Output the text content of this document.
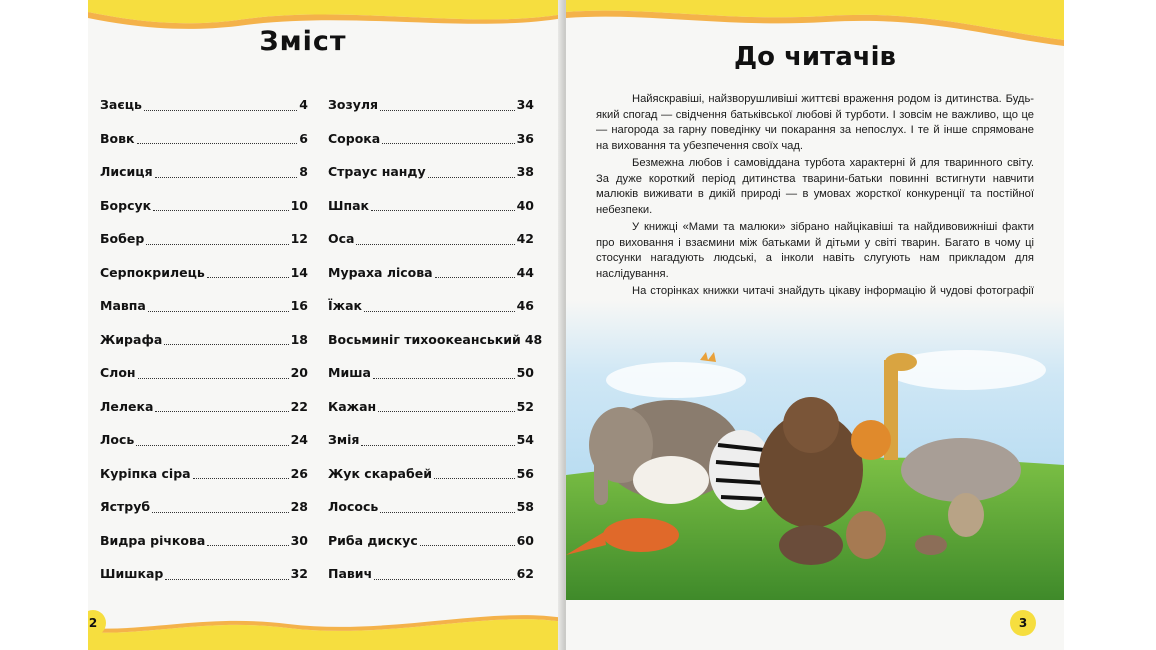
Зміст
Заєць	4
Вовк	6
Лисиця	8
Борсук	10
Бобер	12
Серпокрилець	14
Мавпа	16
Жирафа	18
Слон	20
Лелека	22
Лось	24
Куріпка сіра	26
Яструб	28
Видра річкова	30
Шишкар	32
Зозуля	34
Сорока	36
Страус нанду	38
Шпак	40
Оса	42
Мураха лісова	44
Їжак	46
Восьминіг тихоокеанський 48
Миша	50
Кажан	52
Змія	54
Жук скарабей	56
Лосось	58
Риба дискус	60
Павич	62
2
До читачів

Найяскравіші, найзворушливіші життєві враження родом із дитинства. Будь-який спогад — свідчення батьківської любові й турботи. І зовсім не важливо, що це — нагорода за гарну поведінку чи покарання за непослух. І те й інше спрямоване на виховання та убезпечення своїх чад.

Безмежна любов і самовіддана турбота характерні й для тваринного світу. За дуже короткий період дитинства тварини-батьки повинні встигнути навчити малюків виживати в дикій природі — в умовах жорсткої конкуренції та постійної небезпеки.

У книжці «Мами та малюки» зібрано найцікавіші та найдивовижніші факти про виховання і взаємини між батьками й дітьми у світі тварин. Багато в чому ці стосунки нагадують людські, а інколи навіть слугують нам прикладом для наслідування.

На сторінках книжки читачі знайдуть цікаву інформацію й чудові фотографії

3
